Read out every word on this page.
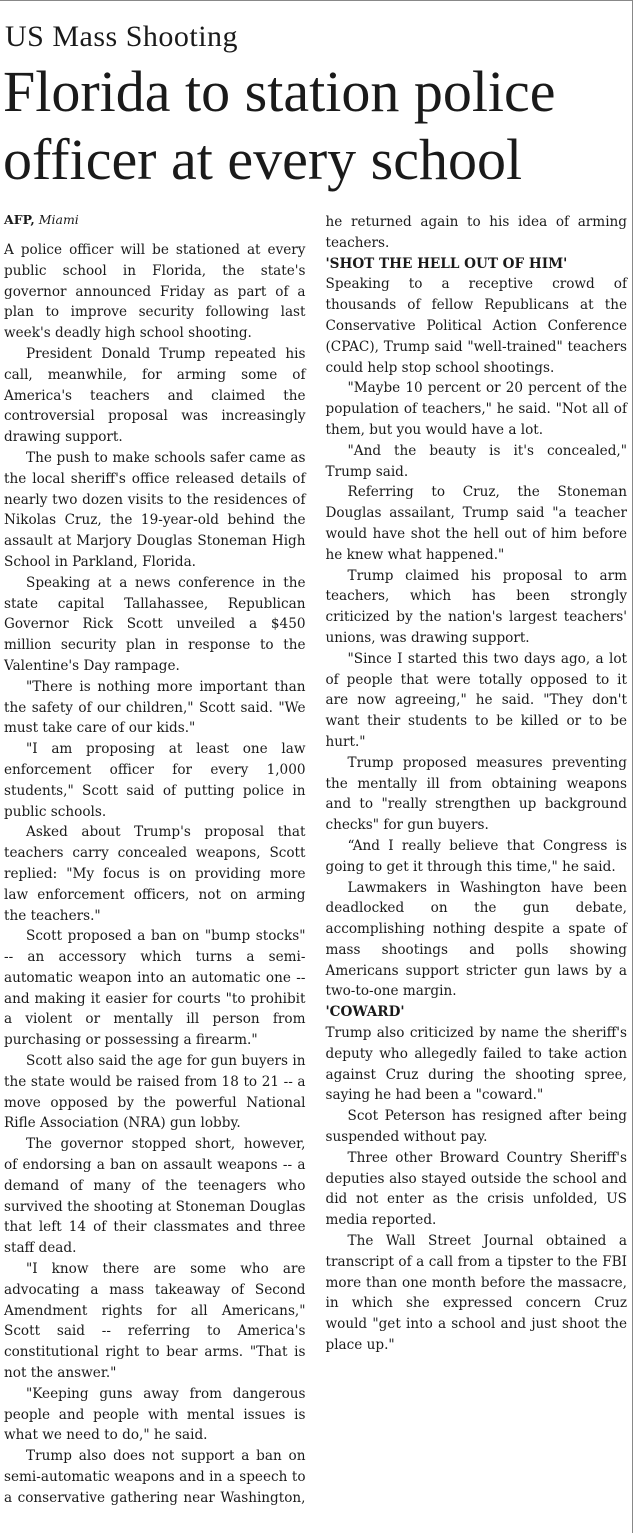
US Mass Shooting
Florida to station police officer at every school
AFP, Miami

A police officer will be stationed at every public school in Florida, the state's governor announced Friday as part of a plan to improve security following last week's deadly high school shooting.

President Donald Trump repeated his call, meanwhile, for arming some of America's teachers and claimed the controversial proposal was increasingly drawing support.

The push to make schools safer came as the local sheriff's office released details of nearly two dozen visits to the residences of Nikolas Cruz, the 19-year-old behind the assault at Marjory Douglas Stoneman High School in Parkland, Florida.

Speaking at a news conference in the state capital Tallahassee, Republican Governor Rick Scott unveiled a $450 million security plan in response to the Valentine's Day rampage.

"There is nothing more important than the safety of our children," Scott said. "We must take care of our kids."

"I am proposing at least one law enforcement officer for every 1,000 students," Scott said of putting police in public schools.

Asked about Trump's proposal that teachers carry concealed weapons, Scott replied: "My focus is on providing more law enforcement officers, not on arming the teachers."

Scott proposed a ban on "bump stocks" -- an accessory which turns a semi-automatic weapon into an automatic one -- and making it easier for courts "to prohibit a violent or mentally ill person from purchasing or possessing a firearm."

Scott also said the age for gun buyers in the state would be raised from 18 to 21 -- a move opposed by the powerful National Rifle Association (NRA) gun lobby.

The governor stopped short, however, of endorsing a ban on assault weapons -- a demand of many of the teenagers who survived the shooting at Stoneman Douglas that left 14 of their classmates and three staff dead.

"I know there are some who are advocating a mass takeaway of Second Amendment rights for all Americans," Scott said -- referring to America's constitutional right to bear arms. "That is not the answer."

"Keeping guns away from dangerous people and people with mental issues is what we need to do," he said.

Trump also does not support a ban on semi-automatic weapons and in a speech to a conservative gathering near Washington, he returned again to his idea of arming teachers.

'SHOT THE HELL OUT OF HIM'

Speaking to a receptive crowd of thousands of fellow Republicans at the Conservative Political Action Conference (CPAC), Trump said "well-trained" teachers could help stop school shootings.

"Maybe 10 percent or 20 percent of the population of teachers," he said. "Not all of them, but you would have a lot.

"And the beauty is it's concealed," Trump said.

Referring to Cruz, the Stoneman Douglas assailant, Trump said "a teacher would have shot the hell out of him before he knew what happened."

Trump claimed his proposal to arm teachers, which has been strongly criticized by the nation's largest teachers' unions, was drawing support.

"Since I started this two days ago, a lot of people that were totally opposed to it are now agreeing," he said. "They don't want their students to be killed or to be hurt."

Trump proposed measures preventing the mentally ill from obtaining weapons and to "really strengthen up background checks" for gun buyers.

“And I really believe that Congress is going to get it through this time," he said.

Lawmakers in Washington have been deadlocked on the gun debate, accomplishing nothing despite a spate of mass shootings and polls showing Americans support stricter gun laws by a two-to-one margin.

'COWARD'

Trump also criticized by name the sheriff's deputy who allegedly failed to take action against Cruz during the shooting spree, saying he had been a "coward."

Scot Peterson has resigned after being suspended without pay.

Three other Broward Country Sheriff's deputies also stayed outside the school and did not enter as the crisis unfolded, US media reported.

The Wall Street Journal obtained a transcript of a call from a tipster to the FBI more than one month before the massacre, in which she expressed concern Cruz would "get into a school and just shoot the place up."
